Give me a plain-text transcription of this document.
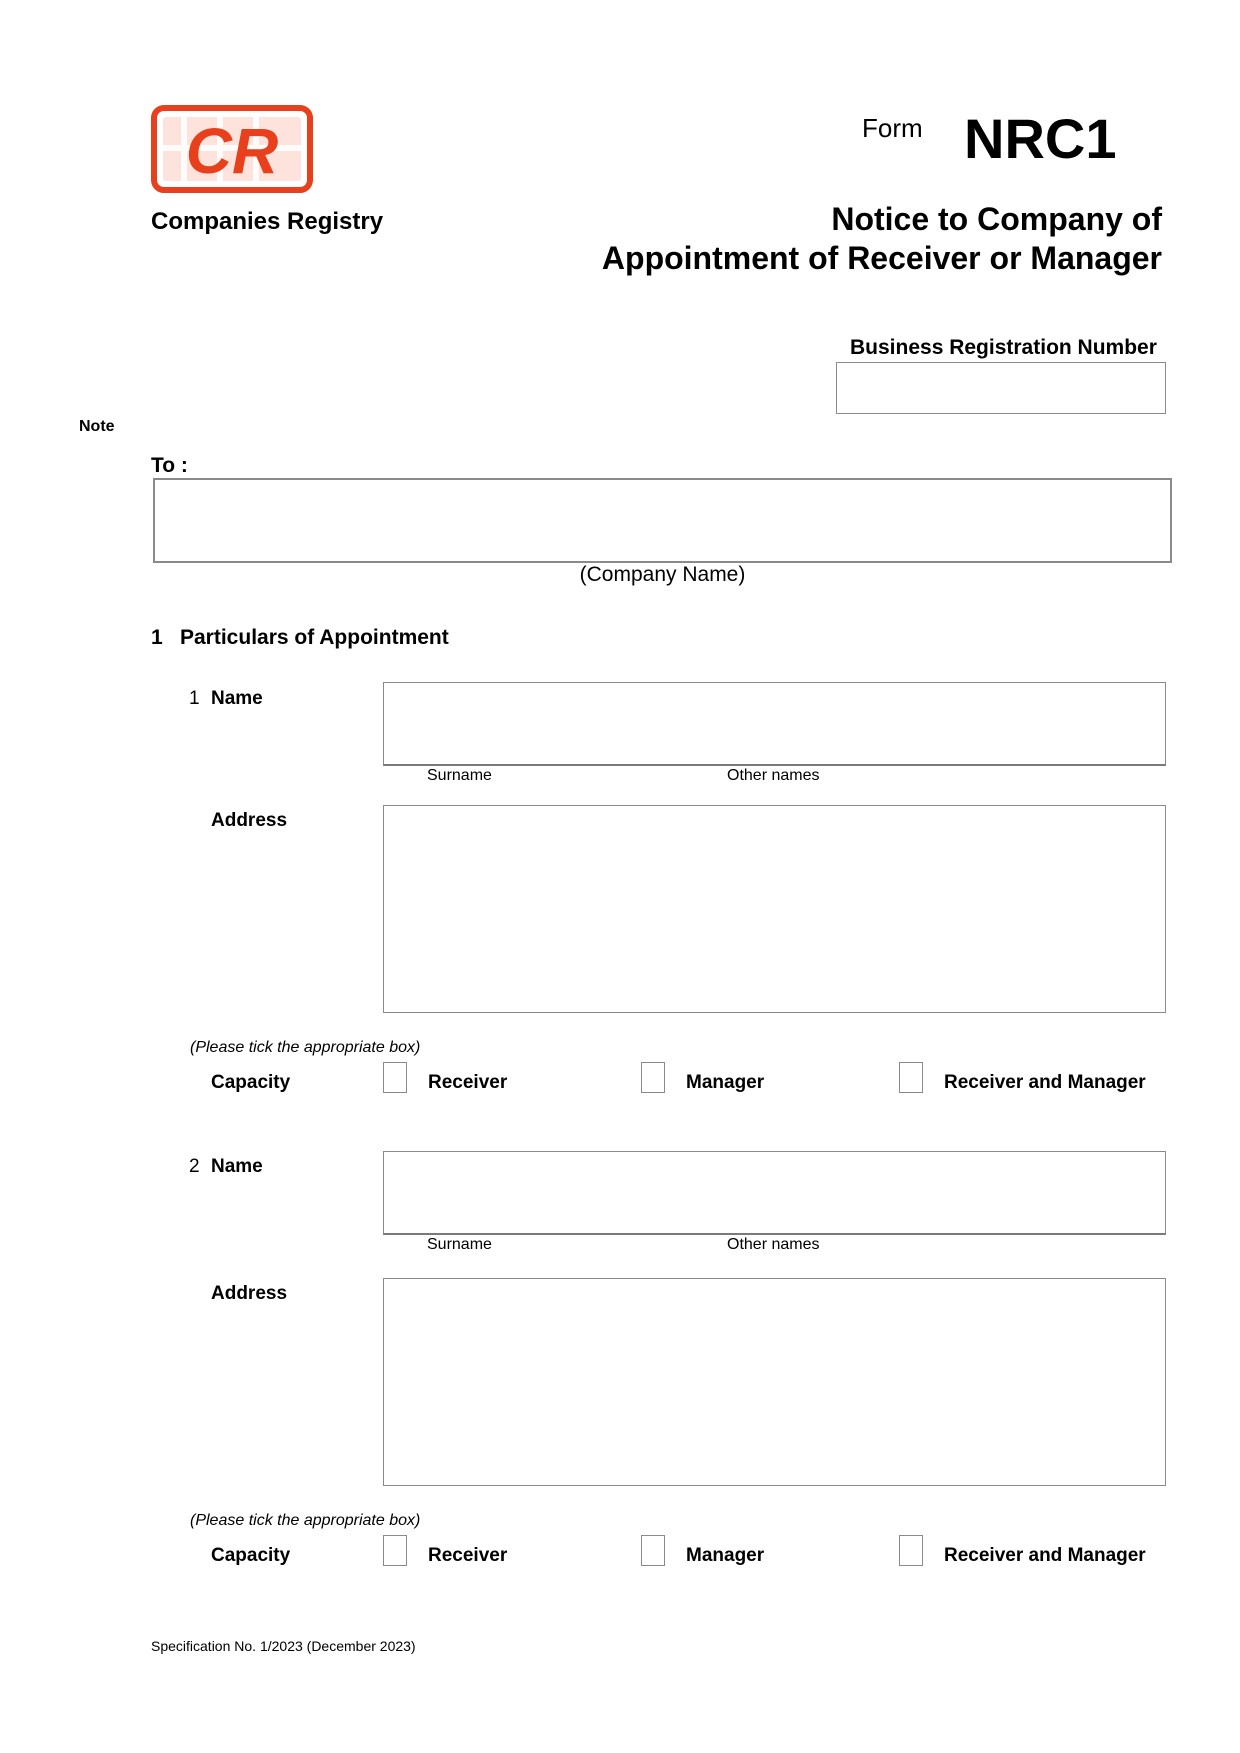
CR
Companies Registry
Form NRC1
Notice to Company of
Appointment of Receiver or Manager
Business Registration Number
Note
To :
(Company Name)
1 Particulars of Appointment
1 Name
Surname	Other names
Address
(Please tick the appropriate box)
Capacity	Receiver	Manager	Receiver and Manager
2 Name
Surname	Other names
Address
(Please tick the appropriate box)
Capacity	Receiver	Manager	Receiver and Manager
Specification No. 1/2023 (December 2023)
